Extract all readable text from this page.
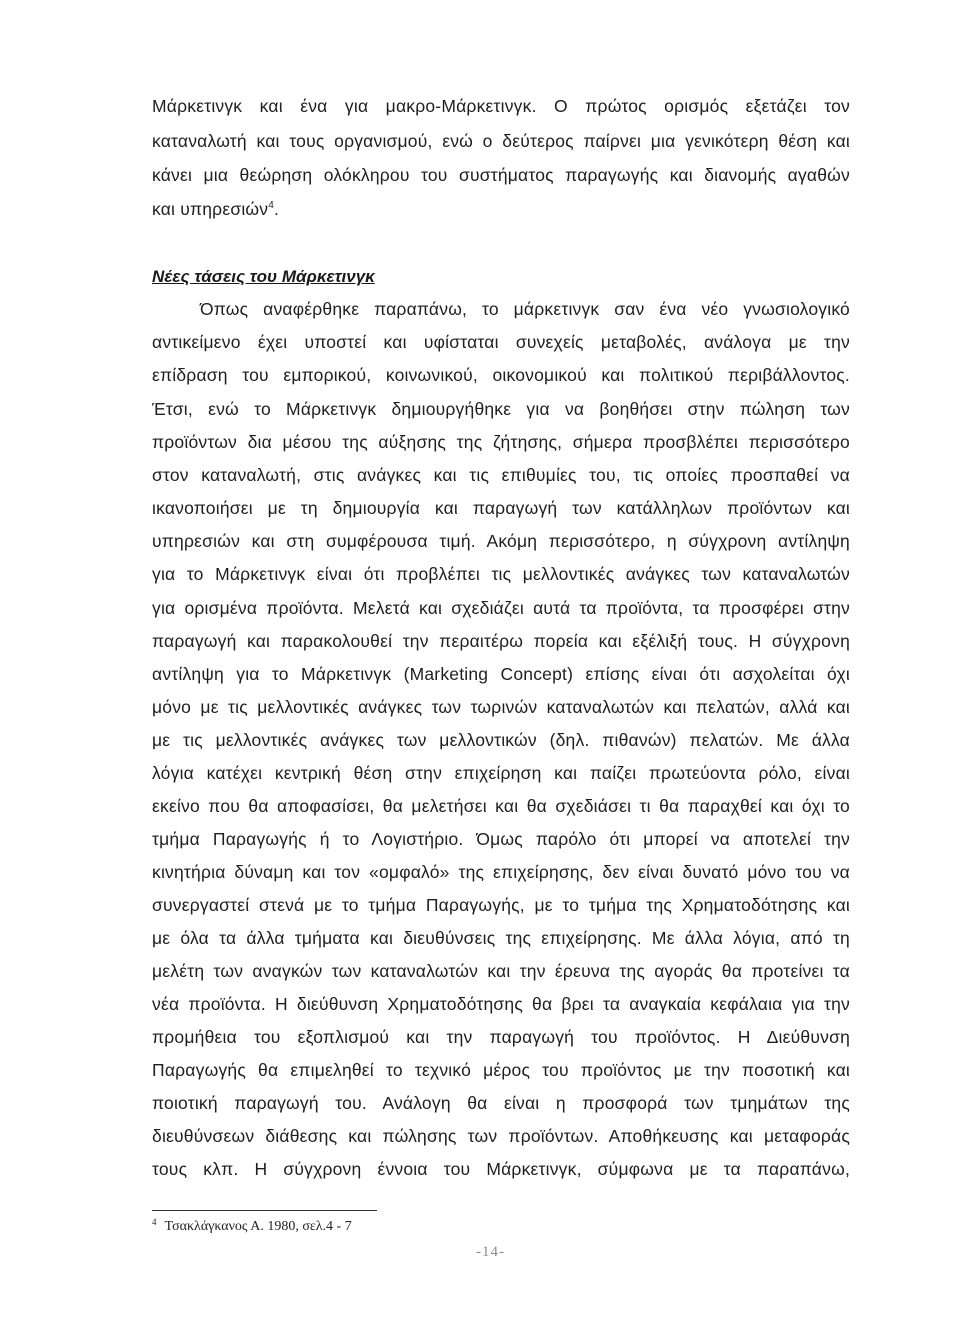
Μάρκετινγκ και ένα για μακρο-Μάρκετινγκ. Ο πρώτος ορισμός εξετάζει τον
καταναλωτή και τους οργανισμού, ενώ ο δεύτερος παίρνει μια γενικότερη θέση και
κάνει μια θεώρηση ολόκληρου του συστήματος παραγωγής και διανομής αγαθών
και υπηρεσιών$^4$.
Νέες τάσεις του Μάρκετινγκ
Όπως αναφέρθηκε παραπάνω, το μάρκετινγκ σαν ένα νέο γνωσιολογικό
αντικείμενο έχει υποστεί και υφίσταται συνεχείς μεταβολές, ανάλογα με την
επίδραση του εμπορικού, κοινωνικού, οικονομικού και πολιτικού περιβάλλοντος.
Έτσι, ενώ το Μάρκετινγκ δημιουργήθηκε για να βοηθήσει στην πώληση των
προϊόντων δια μέσου της αύξησης της ζήτησης, σήμερα προσβλέπει περισσότερο
στον καταναλωτή, στις ανάγκες και τις επιθυμίες του, τις οποίες προσπαθεί να
ικανοποιήσει με τη δημιουργία και παραγωγή των κατάλληλων προϊόντων και
υπηρεσιών και στη συμφέρουσα τιμή. Ακόμη περισσότερο, η σύγχρονη αντίληψη
για το Μάρκετινγκ είναι ότι προβλέπει τις μελλοντικές ανάγκες των καταναλωτών
για ορισμένα προϊόντα. Μελετά και σχεδιάζει αυτά τα προϊόντα, τα προσφέρει στην
παραγωγή και παρακολουθεί την περαιτέρω πορεία και εξέλιξή τους. Η σύγχρονη
αντίληψη για το Μάρκετινγκ (Marketing Concept) επίσης είναι ότι ασχολείται όχι
μόνο με τις μελλοντικές ανάγκες των τωρινών καταναλωτών και πελατών, αλλά και
με τις μελλοντικές ανάγκες των μελλοντικών (δηλ. πιθανών) πελατών. Με άλλα
λόγια κατέχει κεντρική θέση στην επιχείρηση και παίζει πρωτεύοντα ρόλο, είναι
εκείνο που θα αποφασίσει, θα μελετήσει και θα σχεδιάσει τι θα παραχθεί και όχι το
τμήμα Παραγωγής ή το Λογιστήριο. Όμως παρόλο ότι μπορεί να αποτελεί την
κινητήρια δύναμη και τον «ομφαλό» της επιχείρησης, δεν είναι δυνατό μόνο του να
συνεργαστεί στενά με το τμήμα Παραγωγής, με το τμήμα της Χρηματοδότησης και
με όλα τα άλλα τμήματα και διευθύνσεις της επιχείρησης. Με άλλα λόγια, από τη
μελέτη των αναγκών των καταναλωτών και την έρευνα της αγοράς θα προτείνει τα
νέα προϊόντα. Η διεύθυνση Χρηματοδότησης θα βρει τα αναγκαία κεφάλαια για την
προμήθεια του εξοπλισμού και την παραγωγή του προϊόντος. Η Διεύθυνση
Παραγωγής θα επιμεληθεί το τεχνικό μέρος του προϊόντος με την ποσοτική και
ποιοτική παραγωγή του. Ανάλογη θα είναι η προσφορά των τμημάτων της
διευθύνσεων διάθεσης και πώλησης των προϊόντων. Αποθήκευσης και μεταφοράς
τους κλπ. Η σύγχρονη έννοια του Μάρκετινγκ, σύμφωνα με τα παραπάνω,
$^4$ Τσακλάγκανος Α. 1980, σελ.4 - 7
-14-
